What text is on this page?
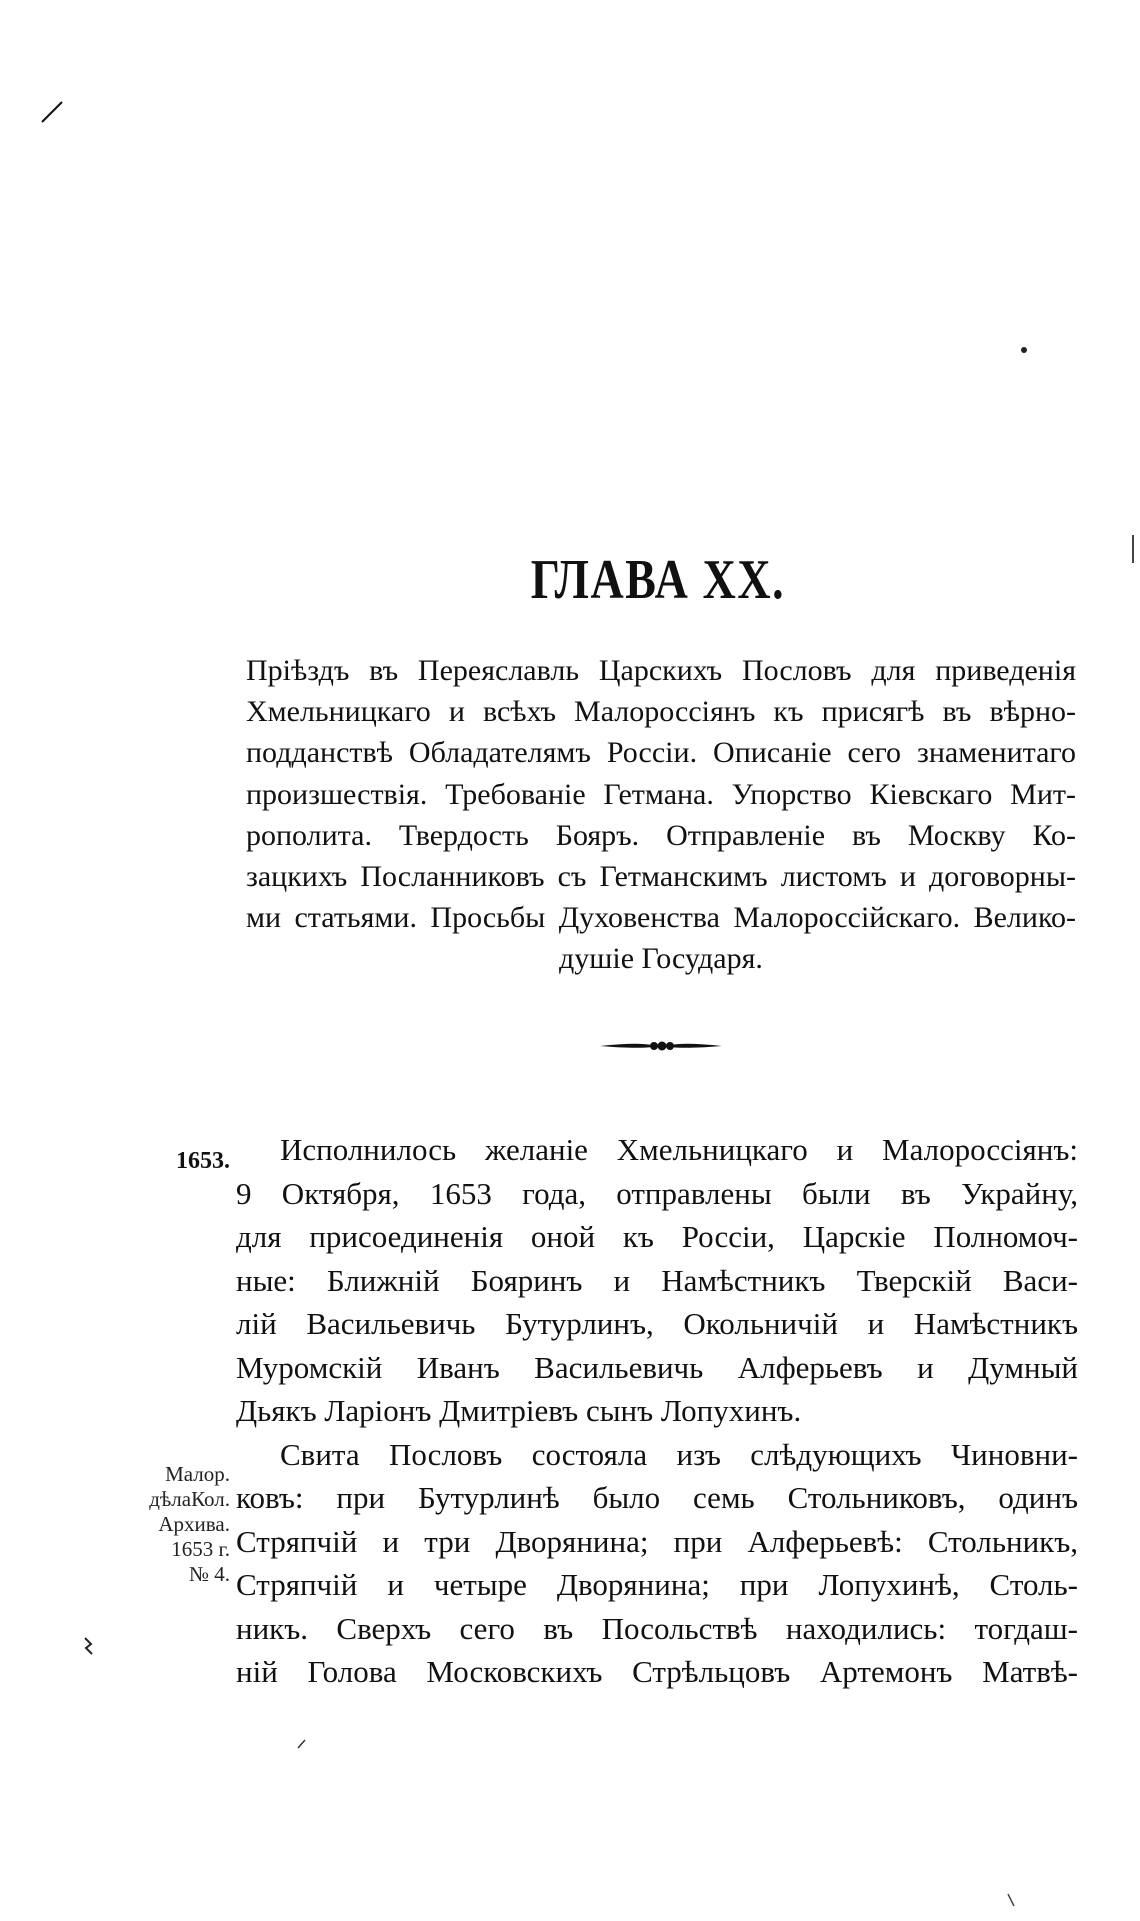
ГЛАВА XX.
Пріѣздъ въ Переяславль Царскихъ Пословъ для приведенія
Хмельницкаго и всѣхъ Малороссіянъ къ присягѣ въ вѣрно-
подданствѣ Обладателямъ Россіи. Описаніе сего знаменитаго
произшествія. Требованіе Гетмана. Упорство Кіевскаго Мит-
рополита. Твердость Бояръ. Отправленіе въ Москву Ко-
зацкихъ Посланниковъ съ Гетманскимъ листомъ и договорны-
ми статьями. Просьбы Духовенства Малороссійскаго. Велико-
душіе Государя.
1653.
Малор.
дѣлаКол.
Архива.
1653 г.
№ 4.
Исполнилось желаніе Хмельницкаго и Малороссіянъ:
9 Октября, 1653 года, отправлены были въ Украйну,
для присоединенія оной къ Россіи, Царскіе Полномоч-
ные: Ближній Бояринъ и Намѣстникъ Тверскій Васи-
лій Васильевичь Бутурлинъ, Окольничій и Намѣстникъ
Муромскій Иванъ Васильевичь Алферьевъ и Думный
Дьякъ Ларіонъ Дмитріевъ сынъ Лопухинъ.
Свита Пословъ состояла изъ слѣдующихъ Чиновни-
ковъ: при Бутурлинѣ было семь Стольниковъ, одинъ
Стряпчій и три Дворянина; при Алферьевѣ: Стольникъ,
Стряпчій и четыре Дворянина; при Лопухинѣ, Столь-
никъ. Сверхъ сего въ Посольствѣ находились: тогдаш-
ній Голова Московскихъ Стрѣльцовъ Артемонъ Матвѣ-
